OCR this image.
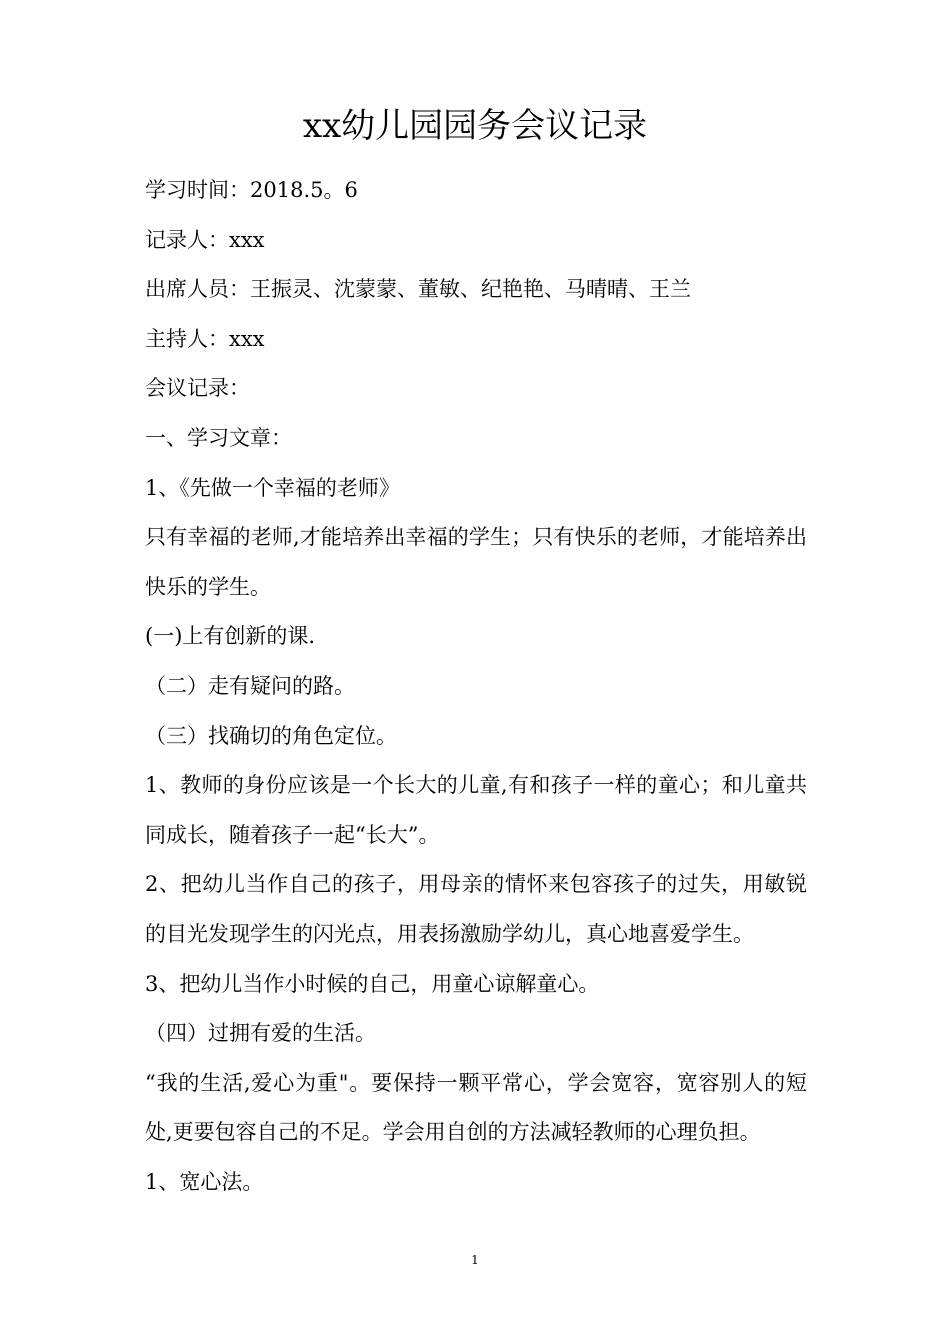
xx幼儿园园务会议记录

学习时间：2018.5。6

记录人：xxx

出席人员：王振灵、沈蒙蒙、董敏、纪艳艳、马晴晴、王兰

主持人：xxx

会议记录：

一、学习文章：

1、《先做一个幸福的老师》

只有幸福的老师,才能培养出幸福的学生；只有快乐的老师，才能培养出快乐的学生。

(一)上有创新的课.

（二）走有疑问的路。

（三）找确切的角色定位。

1、教师的身份应该是一个长大的儿童,有和孩子一样的童心；和儿童共同成长，随着孩子一起“长大”。

2、把幼儿当作自己的孩子，用母亲的情怀来包容孩子的过失，用敏锐的目光发现学生的闪光点，用表扬激励学幼儿，真心地喜爱学生。

3、把幼儿当作小时候的自己，用童心谅解童心。

（四）过拥有爱的生活。

“我的生活,爱心为重"。要保持一颗平常心，学会宽容，宽容别人的短处,更要包容自己的不足。学会用自创的方法减轻教师的心理负担。

1、宽心法。

1
